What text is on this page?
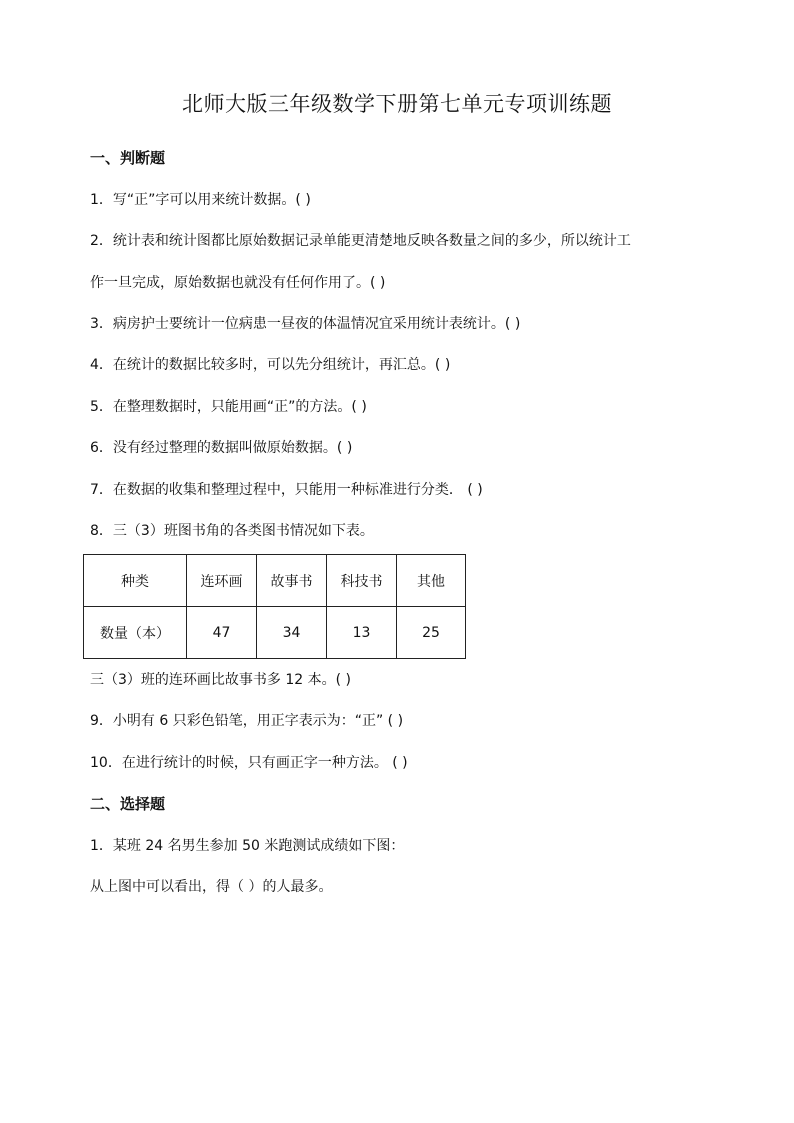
北师大版三年级数学下册第七单元专项训练题
一、判断题
1．写“正”字可以用来统计数据。( )
2．统计表和统计图都比原始数据记录单能更清楚地反映各数量之间的多少，所以统计工
作一旦完成，原始数据也就没有任何作用了。( )
3．病房护士要统计一位病患一昼夜的体温情况宜采用统计表统计。( )
4．在统计的数据比较多时，可以先分组统计，再汇总。( )
5．在整理数据时，只能用画“正”的方法。( )
6．没有经过整理的数据叫做原始数据。( )
7．在数据的收集和整理过程中，只能用一种标准进行分类． ( )
8．三（3）班图书角的各类图书情况如下表。
种类	连环画	故事书	科技书	其他
数量（本）	47	34	13	25
三（3）班的连环画比故事书多 12 本。( )
9．小明有 6 只彩色铅笔，用正字表示为：“正” ( )
10．在进行统计的时候，只有画正字一种方法。 ( )
二、选择题
1．某班 24 名男生参加 50 米跑测试成绩如下图：
从上图中可以看出，得（ ）的人最多。
